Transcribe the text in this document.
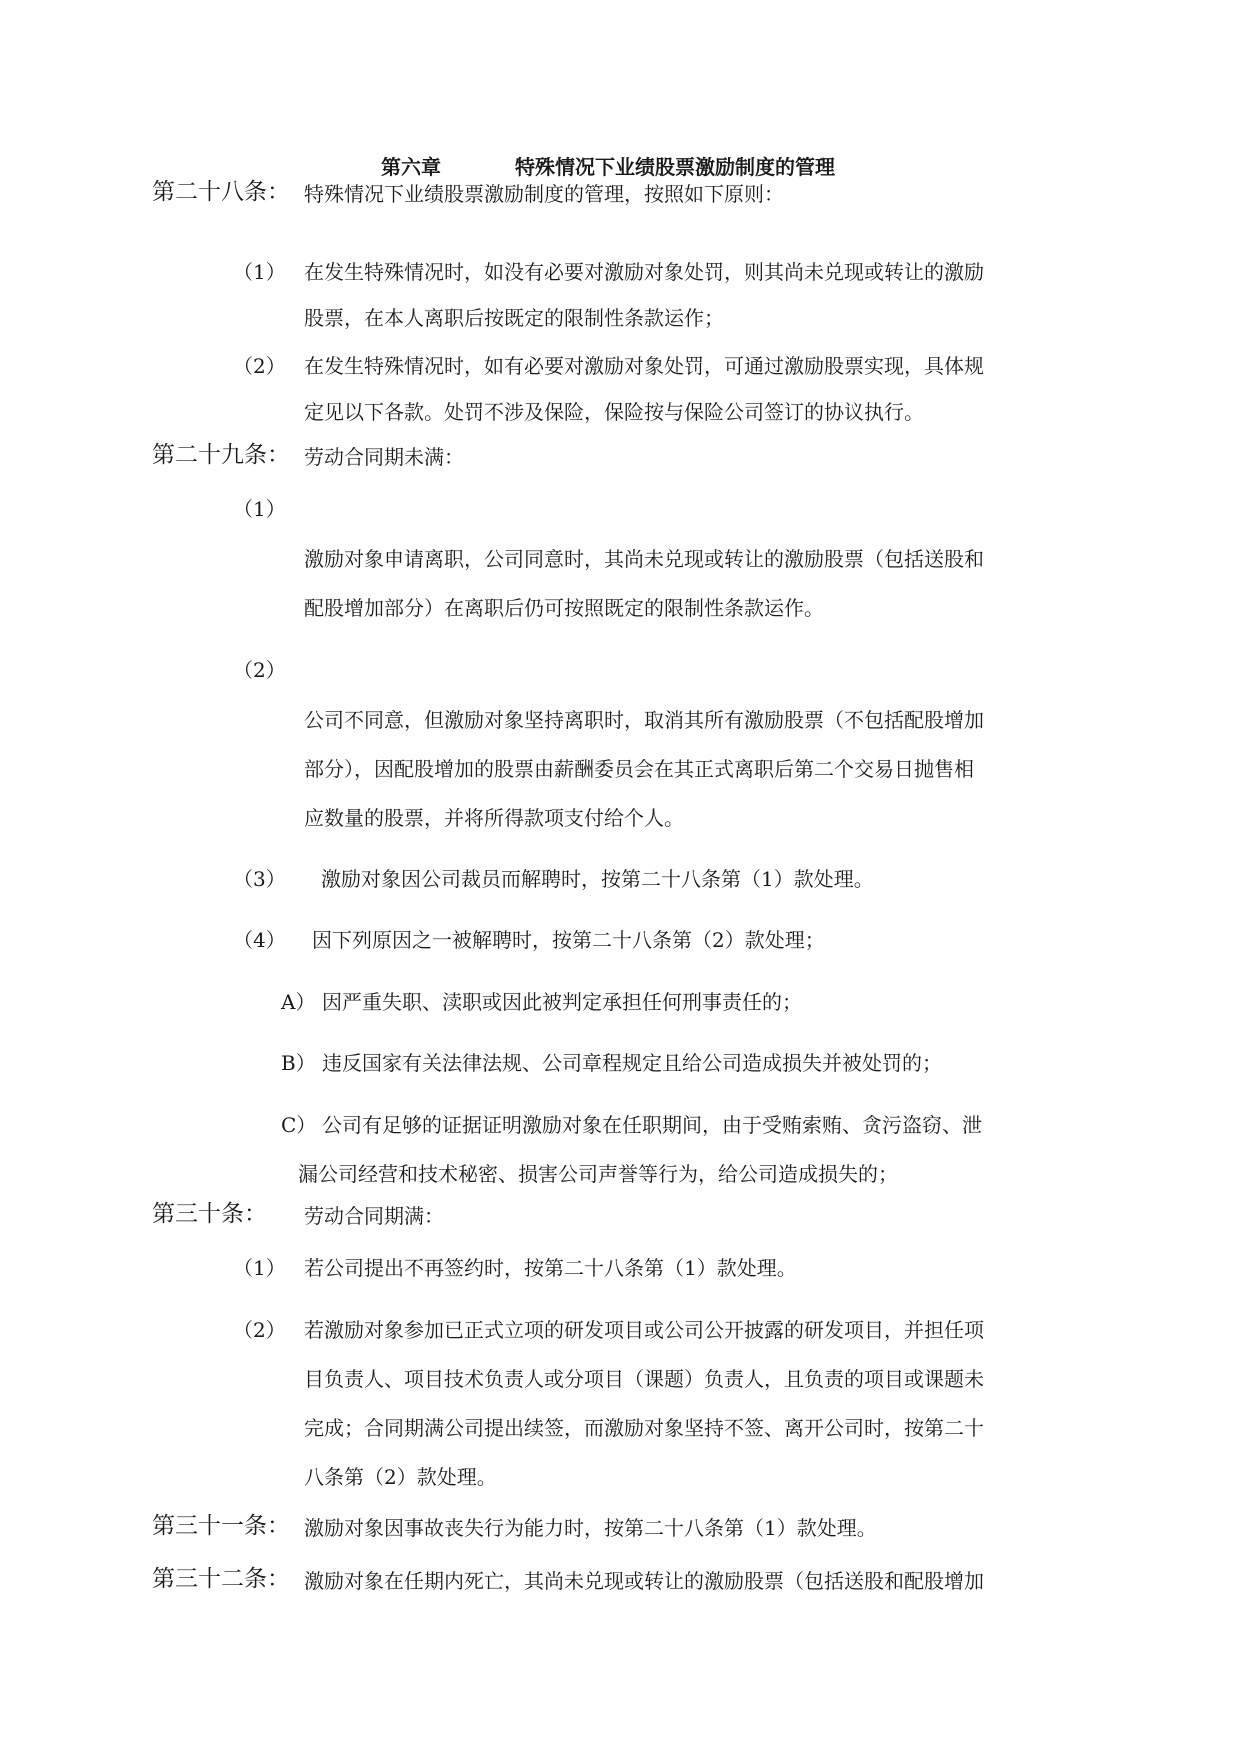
第六章	特殊情况下业绩股票激励制度的管理
第二十八条： 特殊情况下业绩股票激励制度的管理，按照如下原则：
（1） 在发生特殊情况时，如没有必要对激励对象处罚，则其尚未兑现或转让的激励
股票，在本人离职后按既定的限制性条款运作；
（2） 在发生特殊情况时，如有必要对激励对象处罚，可通过激励股票实现，具体规
定见以下各款。处罚不涉及保险，保险按与保险公司签订的协议执行。
第二十九条： 劳动合同期未满：
（1）
激励对象申请离职，公司同意时，其尚未兑现或转让的激励股票（包括送股和
配股增加部分）在离职后仍可按照既定的限制性条款运作。
（2）
公司不同意，但激励对象坚持离职时，取消其所有激励股票（不包括配股增加
部分），因配股增加的股票由薪酬委员会在其正式离职后第二个交易日抛售相
应数量的股票，并将所得款项支付给个人。
（3） 激励对象因公司裁员而解聘时，按第二十八条第（1）款处理。
（4） 因下列原因之一被解聘时，按第二十八条第（2）款处理；
A） 因严重失职、渎职或因此被判定承担任何刑事责任的；
B） 违反国家有关法律法规、公司章程规定且给公司造成损失并被处罚的；
C） 公司有足够的证据证明激励对象在任职期间，由于受贿索贿、贪污盗窃、泄
漏公司经营和技术秘密、损害公司声誉等行为，给公司造成损失的；
第三十条： 劳动合同期满：
（1） 若公司提出不再签约时，按第二十八条第（1）款处理。
（2） 若激励对象参加已正式立项的研发项目或公司公开披露的研发项目，并担任项
目负责人、项目技术负责人或分项目（课题）负责人，且负责的项目或课题未
完成；合同期满公司提出续签，而激励对象坚持不签、离开公司时，按第二十
八条第（2）款处理。
第三十一条： 激励对象因事故丧失行为能力时，按第二十八条第（1）款处理。
第三十二条： 激励对象在任期内死亡，其尚未兑现或转让的激励股票（包括送股和配股增加
